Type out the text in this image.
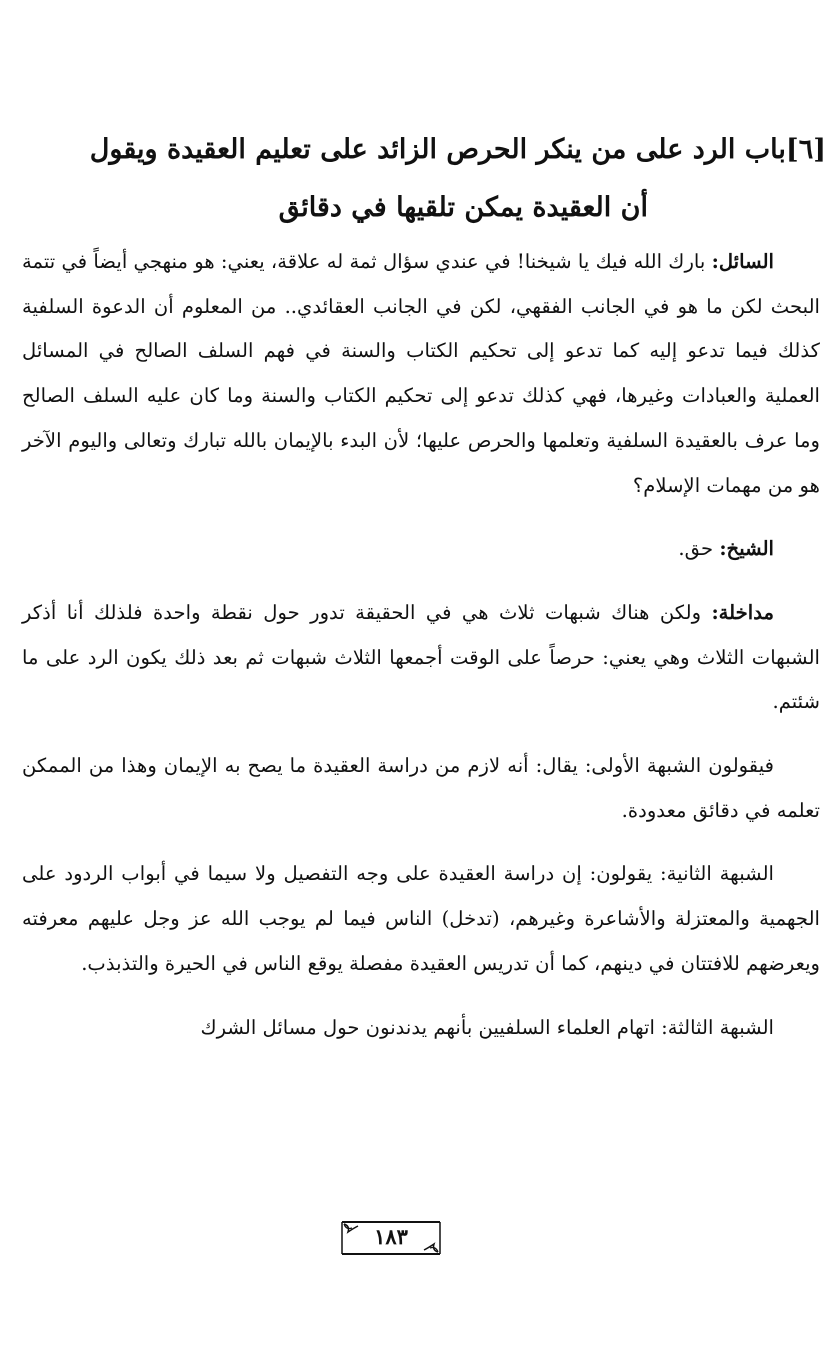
[٦]باب الرد على من ينكر الحرص الزائد على تعليم العقيدة ويقول
أن العقيدة يمكن تلقيها في دقائق

السائل: بارك الله فيك يا شيخنا! في عندي سؤال ثمة له علاقة، يعني: هو منهجي أيضاً في تتمة البحث لكن ما هو في الجانب الفقهي، لكن في الجانب العقائدي.. من المعلوم أن الدعوة السلفية كذلك فيما تدعو إليه كما تدعو إلى تحكيم الكتاب والسنة في فهم السلف الصالح في المسائل العملية والعبادات وغيرها، فهي كذلك تدعو إلى تحكيم الكتاب والسنة وما كان عليه السلف الصالح وما عرف بالعقيدة السلفية وتعلمها والحرص عليها؛ لأن البدء بالإيمان بالله تبارك وتعالى واليوم الآخر هو من مهمات الإسلام؟

الشيخ: حق.

مداخلة: ولكن هناك شبهات ثلاث هي في الحقيقة تدور حول نقطة واحدة فلذلك أنا أذكر الشبهات الثلاث وهي يعني: حرصاً على الوقت أجمعها الثلاث شبهات ثم بعد ذلك يكون الرد على ما شئتم.

فيقولون الشبهة الأولى: يقال: أنه لازم من دراسة العقيدة ما يصح به الإيمان وهذا من الممكن تعلمه في دقائق معدودة.

الشبهة الثانية: يقولون: إن دراسة العقيدة على وجه التفصيل ولا سيما في أبواب الردود على الجهمية والمعتزلة والأشاعرة وغيرهم، (تدخل) الناس فيما لم يوجب الله عز وجل عليهم معرفته ويعرضهم للافتتان في دينهم، كما أن تدريس العقيدة مفصلة يوقع الناس في الحيرة والتذبذب.

الشبهة الثالثة: اتهام العلماء السلفيين بأنهم يدندنون حول مسائل الشرك

١٨٣
